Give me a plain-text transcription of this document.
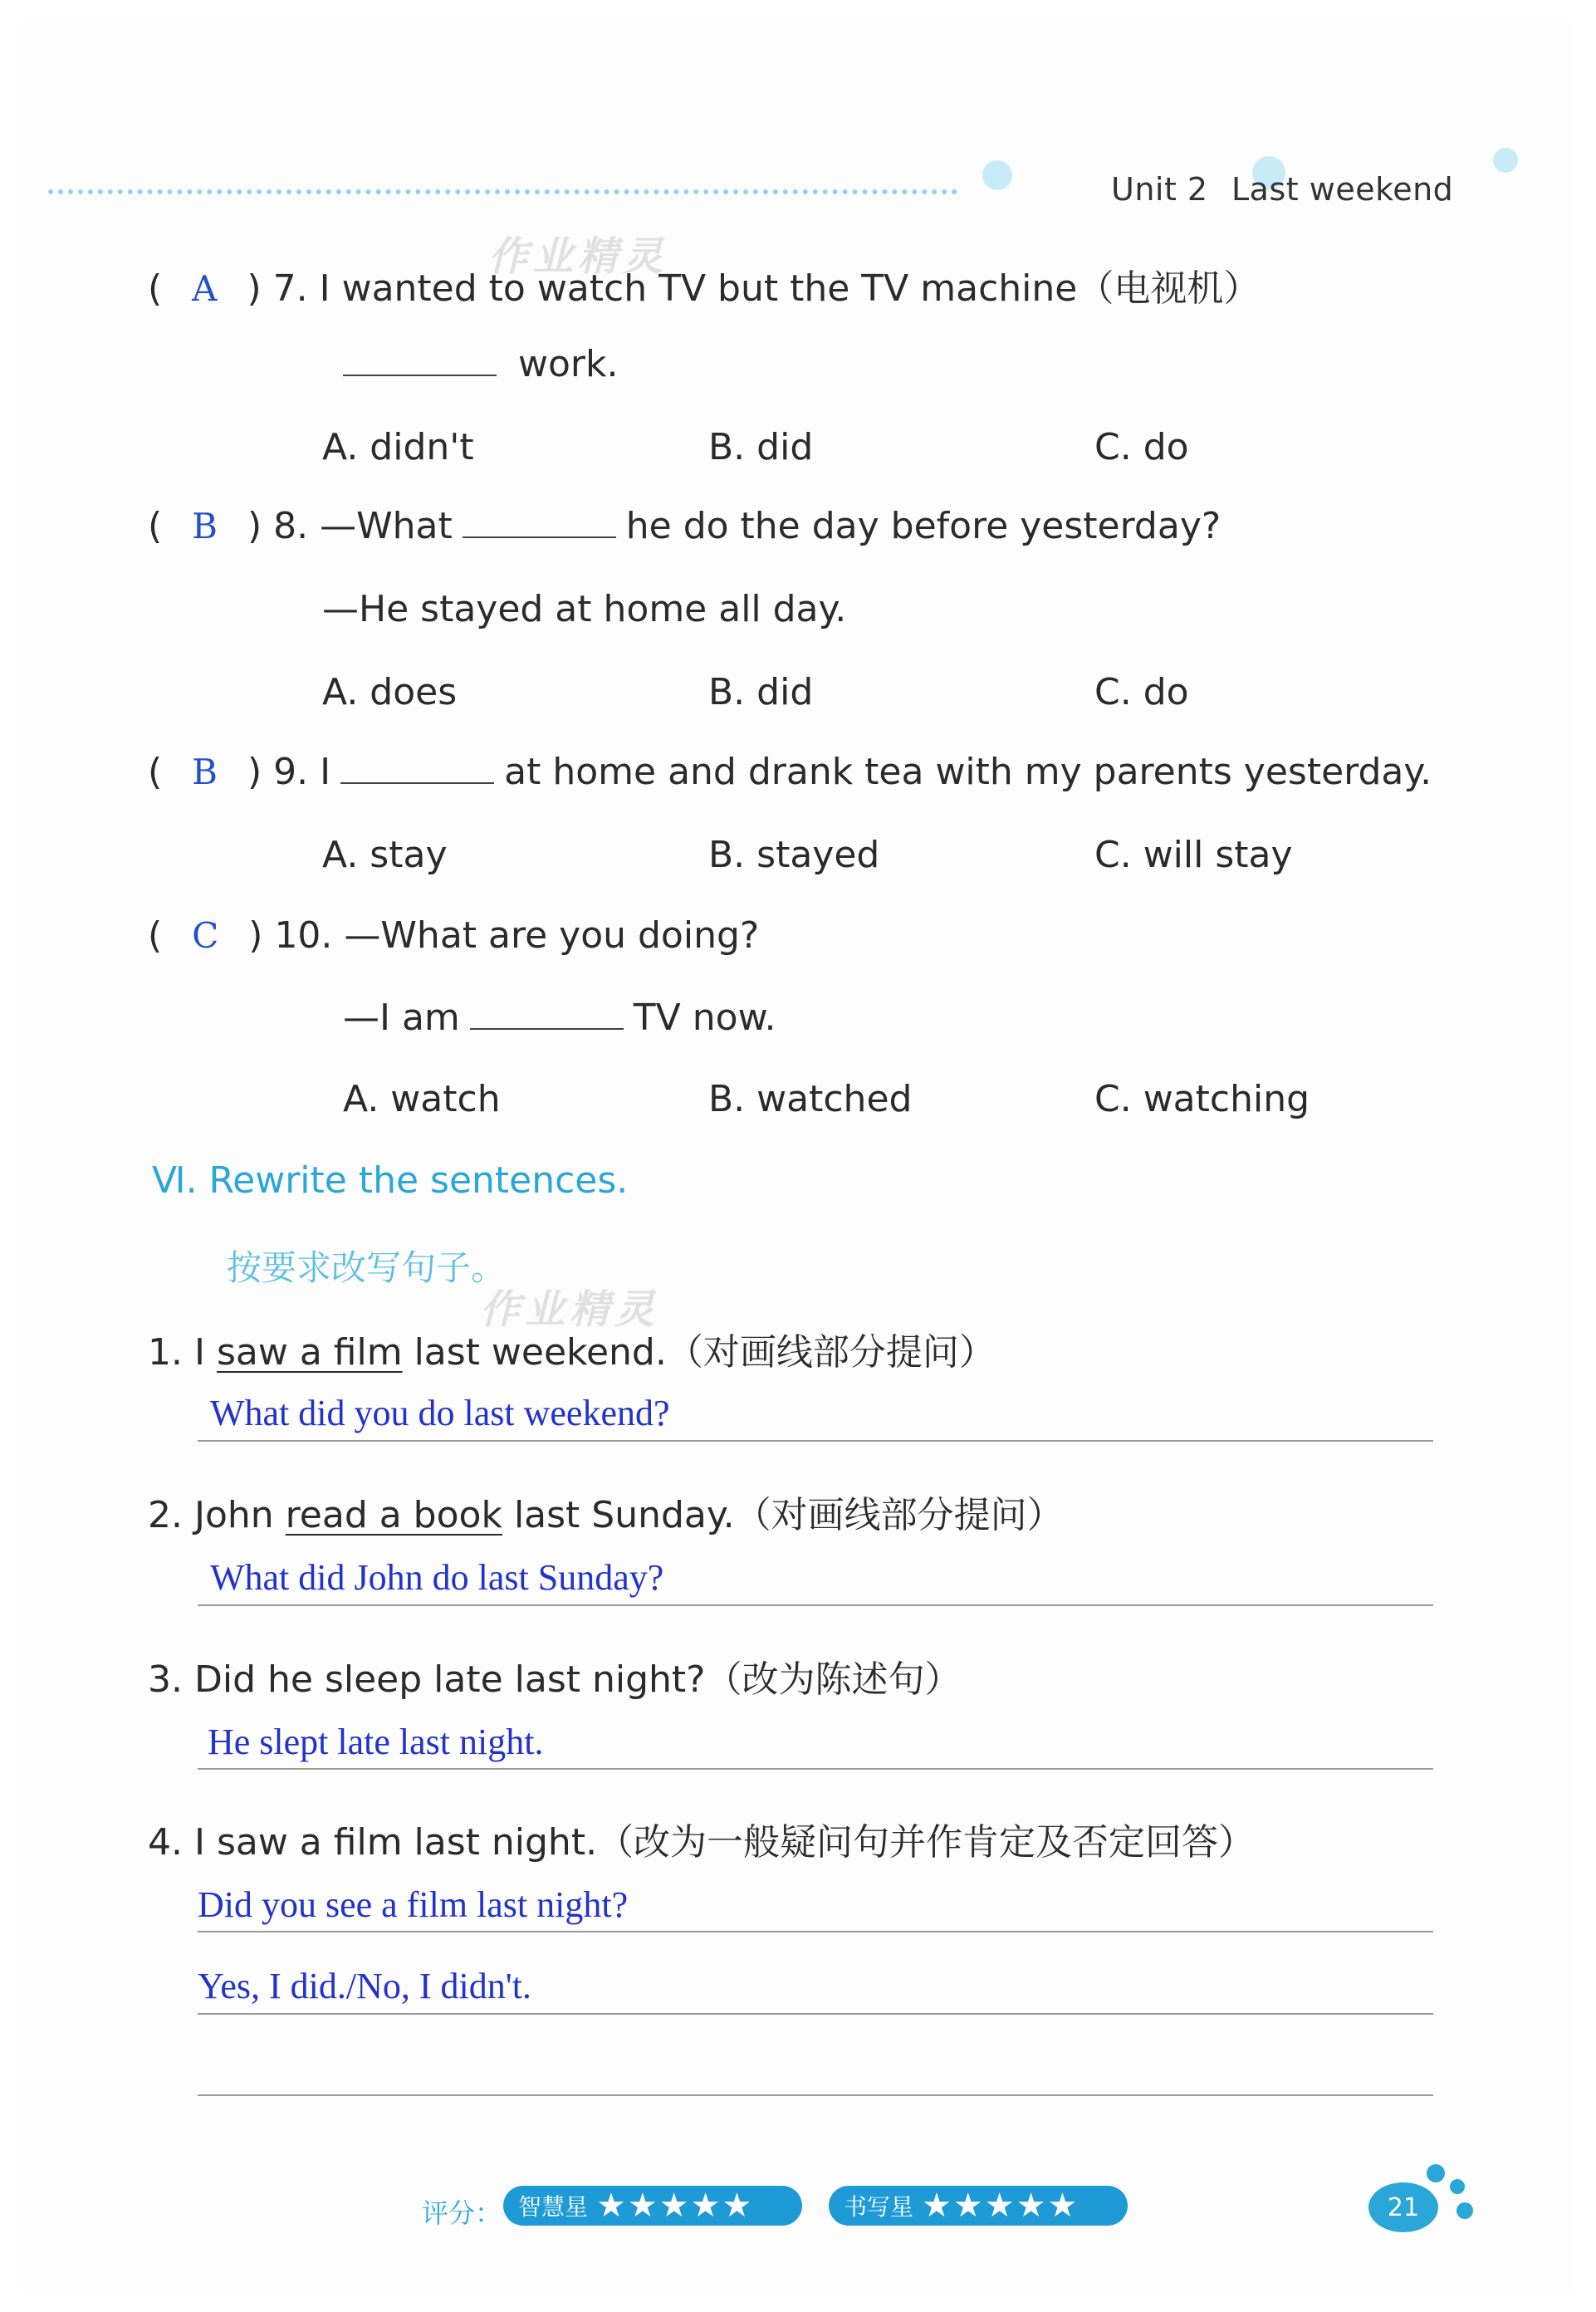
Unit 2 Last weekend
作业精灵
作业精灵
( A ) 7. I wanted to watch TV but the TV machine（电视机）
work.
A. didn't	B. did	C. do
( B ) 8. —What	he do the day before yesterday?
—He stayed at home all day.
A. does	B. did	C. do
( B ) 9. I	at home and drank tea with my parents yesterday.
A. stay	B. stayed	C. will stay
( C ) 10. —What are you doing?
—I am	TV now.
A. watch	B. watched	C. watching
Ⅵ. Rewrite the sentences.
按要求改写句子。
1. I saw a film last weekend.（对画线部分提问）
What did you do last weekend?
2. John read a book last Sunday.（对画线部分提问）
What did John do last Sunday?
3. Did he sleep late last night?（改为陈述句）
He slept late last night.
4. I saw a film last night.（改为一般疑问句并作肯定及否定回答）
Did you see a film last night?
Yes, I did./No, I didn't.
评分： 智慧星 ★★★★★	书写星 ★★★★★	21
